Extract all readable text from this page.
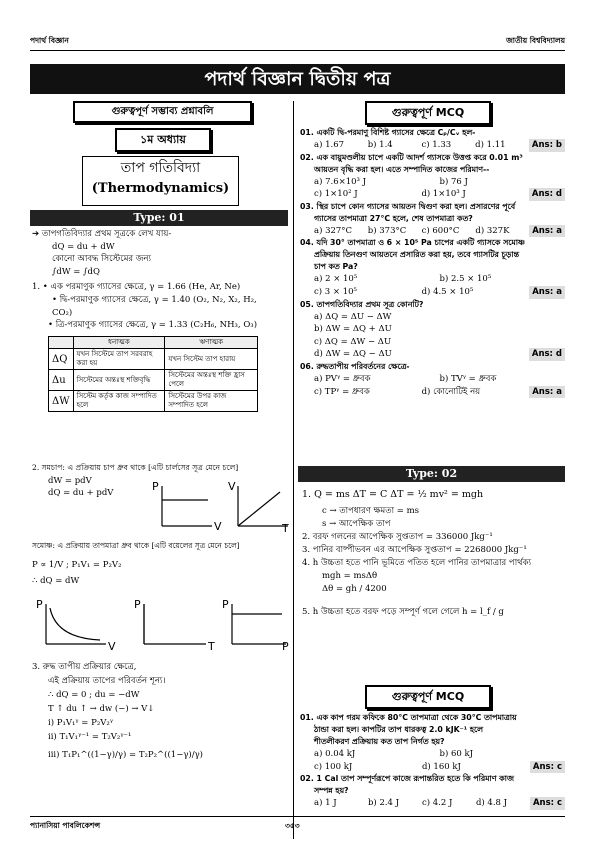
পদার্থ বিজ্ঞান	জাতীয় বিশ্ববিদ্যালয়
পদার্থ বিজ্ঞান দ্বিতীয় পত্র
গুরুত্বপূর্ণ সম্ভাব্য প্রশ্নাবলি
১ম অধ্যায়
তাপ গতিবিদ্যা
(Thermodynamics)
Type: 01

➔ তাপগতিবিদ্যার প্রথম সূত্রকে লেখ যায়-

dQ = du + dW

কোনো আবদ্ধ সিস্টেমের জন্য

∫dW = ∫dQ

1. • এক পরমাণুক গ্যাসের ক্ষেত্রে, γ = 1.66 (He, Ar, Ne)

• দ্বি-পরমাণুক গ্যাসের ক্ষেত্রে, γ = 1.40 (O₂, N₂, X₂, H₂,

CO₂)

• ত্রি-পরমাণুক গ্যাসের ক্ষেত্রে, γ = 1.33 (C₂H₆, NH₃, O₃)

	ধনাত্মক	ঋণাত্মক
ΔQ	যখন সিস্টেমে তাপ সরবরাহ করা হয়	যখন সিস্টেম তাপ হারায়
Δu	সিস্টেমের অন্তঃস্থ শক্তিবৃদ্ধি	সিস্টেমের অন্তঃস্থ শক্তি হ্রাস পেলে
ΔW	সিস্টেম কর্তৃক কাজ সম্পাদিত হলে	সিস্টেমের উপর কাজ সম্পাদিত হলে

2. সমচাপ: এ প্রক্রিয়ায় চাপ ধ্রুব থাকে [এটি চার্লসের সূত্র মেনে চলে]

dW = pdV

dQ = du + pdV

P
V
V
T

সমোষ্ণ: এ প্রক্রিয়ায় তাপমাত্রা ধ্রুব থাকে [এটি বয়েলের সূত্র মেনে চলে]

P ∝ 1/V ; P₁V₁ = P₂V₂

∴ dQ = dW

P
V
P
T
P
P

3. রুদ্ধ তাপীয় প্রক্রিয়ার ক্ষেত্রে,

এই প্রক্রিয়ায় তাপের পরিবর্তন শূন্য।

∴ dQ = 0 ; du = −dW

T ↑ du ↑ → dw (−) → V↓

i) P₁V₁ᵞ = P₂V₂ᵞ

ii) T₁V₁ᵞ⁻¹ = T₂V₂ᵞ⁻¹

iii) T₁P₁^((1−γ)/γ) = T₂P₂^((1−γ)/γ)

গুরুত্বপূর্ণ MCQ

01. একটি দ্বি-পরমাণু বিশিষ্ট গ্যাসের ক্ষেত্রে Cₚ/Cᵥ হল-

a) 1.67	b) 1.4	c) 1.33	d) 1.11	Ans: b

02. এক বায়ুমণ্ডলীয় চাপে একটি আদর্শ গ্যাসকে উত্তপ্ত করে 0.01 m³

আয়তন বৃদ্ধি করা হল। এতে সম্পাদিত কাজের পরিমাণ--

a) 7.6×10³ J	b) 76 J
c) 1×10² J	d) 1×10³ J	Ans: d

03. স্থির চাপে কোন গ্যাসের আয়তন দ্বিগুণ করা হল। প্রসারণের পূর্বে

গ্যাসের তাপমাত্রা 27°C হলে, শেষ তাপমাত্রা কত?

a) 327°C	b) 373°C	c) 600°C	d) 327K	Ans: a

04. যদি 30° তাপমাত্রা ও 6 × 10⁵ Pa চাপের একটি গ্যাসকে সমোষ্ণ

প্রক্রিয়ায় তিনগুণ আয়তনে প্রসারিত করা হয়, তবে গ্যাসটির চূড়ান্ত

চাপ কত Pa?

a) 2 × 10⁵	b) 2.5 × 10⁵
c) 3 × 10⁵	d) 4.5 × 10⁵	Ans: a

05. তাপগতিবিদ্যার প্রথম সূত্র কোনটি?

a) ΔQ = ΔU − ΔW

b) ΔW = ΔQ + ΔU

c) ΔQ = ΔW − ΔU

d) ΔW = ΔQ − ΔU	Ans: d

06. রুদ্ধতাপীয় পরিবর্তনের ক্ষেত্রে-

a) PVᵞ = ধ্রুবক	b) TVᵞ = ধ্রুবক
c) TPᵞ = ধ্রুবক	d) কোনোটিই নয়	Ans: a
Type: 02

1. Q = ms ΔT = C ΔT = ½ mv² = mgh

c → তাপধারণ ক্ষমতা = ms

s → আপেক্ষিক তাপ

2. বরফ গলনের আপেক্ষিক সুপ্ততাপ = 336000 Jkg⁻¹

3. পানির বাষ্পীভবন এর আপেক্ষিক সুপ্ততাপ = 2268000 Jkg⁻¹

4. h উচ্চতা হতে পানি ভূমিতে পতিত হলে পানির তাপমাত্রার পার্থক্য

mgh = msΔθ

Δθ = gh / 4200

5. h উচ্চতা হতে বরফ পড়ে সম্পূর্ণ গলে গেলে h = l_f / g

গুরুত্বপূর্ণ MCQ

01. এক কাপ গরম কফিকে 80°C তাপমাত্রা থেকে 30°C তাপমাত্রায়

ঠান্ডা করা হল। কাপটির তাপ ধারকত্ব 2.0 kJK⁻¹ হলে

শীতলীকরণ প্রক্রিয়ায় কত তাপ নির্গত হয়?

a) 0.04 kJ	b) 60 kJ
c) 100 kJ	d) 160 kJ	Ans: c

02. 1 Cal তাপ সম্পূর্ণরূপে কাজে রূপান্তরিত হতে কি পরিমাণ কাজ

সম্পন্ন হয়?

a) 1 J	b) 2.4 J	c) 4.2 J	d) 4.8 J	Ans: c
প্যানাসিয়া পাবলিকেশন্স	৩৫৩
